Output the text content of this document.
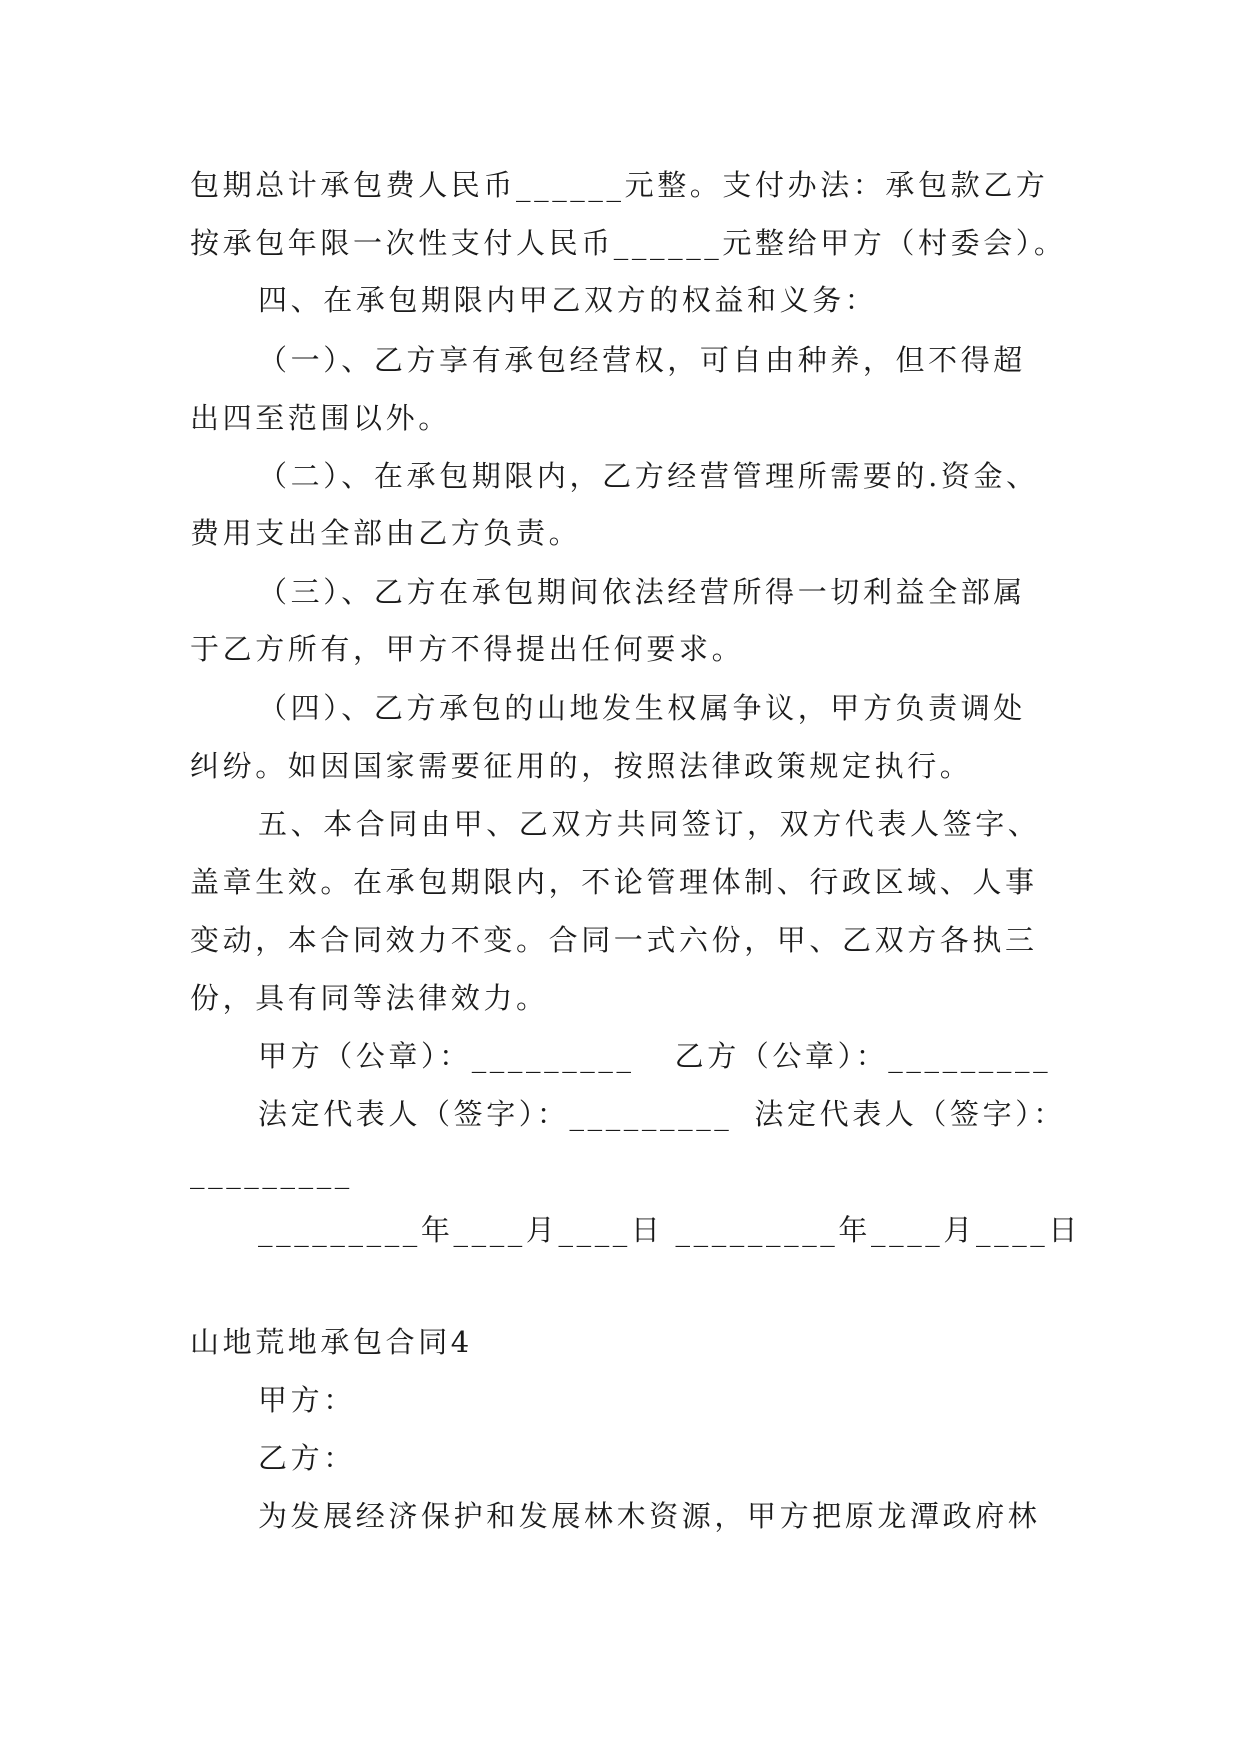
包期总计承包费人民币______元整。支付办法：承包款乙方
按承包年限一次性支付人民币______元整给甲方（村委会）。
四、在承包期限内甲乙双方的权益和义务：
（一）、乙方享有承包经营权，可自由种养，但不得超
出四至范围以外。
（二）、在承包期限内，乙方经营管理所需要的.资金、
费用支出全部由乙方负责。
（三）、乙方在承包期间依法经营所得一切利益全部属
于乙方所有，甲方不得提出任何要求。
（四）、乙方承包的山地发生权属争议，甲方负责调处
纠纷。如因国家需要征用的，按照法律政策规定执行。
五、本合同由甲、乙双方共同签订，双方代表人签字、
盖章生效。在承包期限内，不论管理体制、行政区域、人事
变动，本合同效力不变。合同一式六份，甲、乙双方各执三
份，具有同等法律效力。
甲方（公章）：_________ 乙方（公章）：_________
法定代表人（签字）：_________ 法定代表人（签字）：
_________
_________年____月____日 _________年____月____日
山地荒地承包合同4
甲方：
乙方：
为发展经济保护和发展林木资源，甲方把原龙潭政府林
